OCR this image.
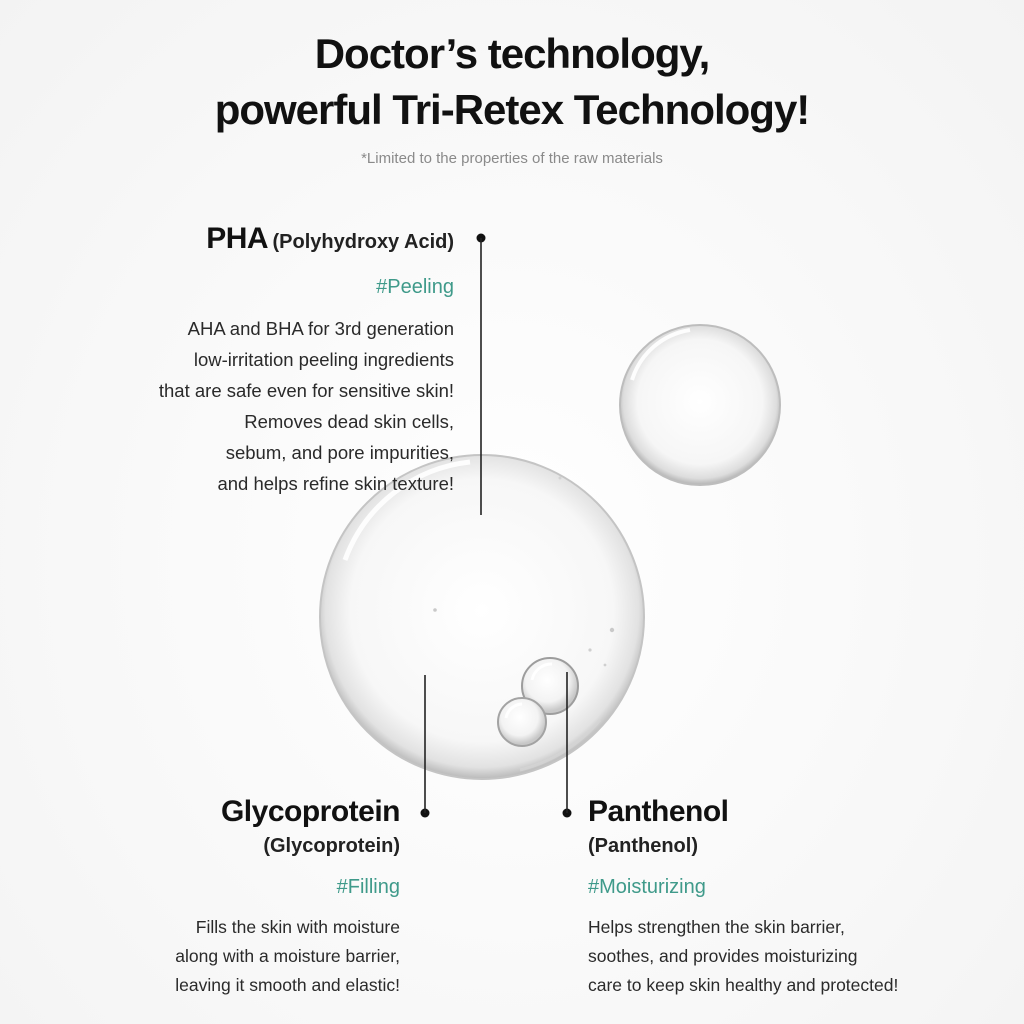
Doctor’s technology,
powerful Tri-Retex Technology!
*Limited to the properties of the raw materials
PHA (Polyhydroxy Acid)
#Peeling
AHA and BHA for 3rd generation
low-irritation peeling ingredients
that are safe even for sensitive skin!
Removes dead skin cells,
sebum, and pore impurities,
and helps refine skin texture!
Glycoprotein
(Glycoprotein)
#Filling
Fills the skin with moisture
along with a moisture barrier,
leaving it smooth and elastic!
Panthenol
(Panthenol)
#Moisturizing
Helps strengthen the skin barrier,
soothes, and provides moisturizing
care to keep skin healthy and protected!
